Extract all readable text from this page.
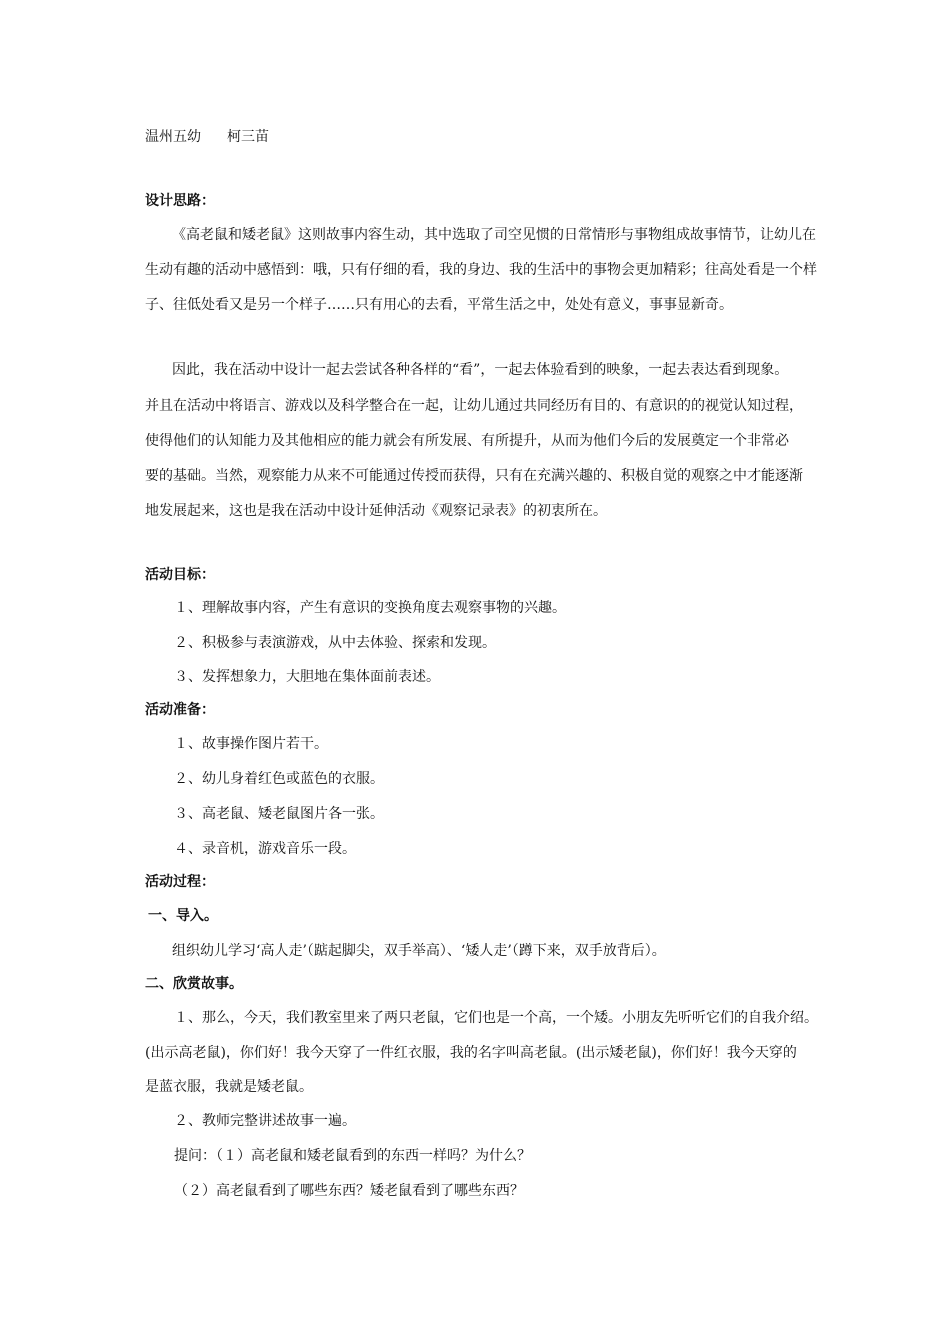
温州五幼 柯三苗
设计思路：
《高老鼠和矮老鼠》这则故事内容生动，其中选取了司空见惯的日常情形与事物组成故事情节，让幼儿在
生动有趣的活动中感悟到：哦，只有仔细的看，我的身边、我的生活中的事物会更加精彩；往高处看是一个样
子、往低处看又是另一个样子……只有用心的去看，平常生活之中，处处有意义，事事显新奇。
因此，我在活动中设计一起去尝试各种各样的“看”，一起去体验看到的映象，一起去表达看到现象。
并且在活动中将语言、游戏以及科学整合在一起，让幼儿通过共同经历有目的、有意识的的视觉认知过程，
使得他们的认知能力及其他相应的能力就会有所发展、有所提升，从而为他们今后的发展奠定一个非常必
要的基础。当然，观察能力从来不可能通过传授而获得，只有在充满兴趣的、积极自觉的观察之中才能逐渐
地发展起来，这也是我在活动中设计延伸活动《观察记录表》的初衷所在。
活动目标：
１、理解故事内容，产生有意识的变换角度去观察事物的兴趣。
２、积极参与表演游戏，从中去体验、探索和发现。
３、发挥想象力，大胆地在集体面前表述。
活动准备：
１、故事操作图片若干。
２、幼儿身着红色或蓝色的衣服。
３、高老鼠、矮老鼠图片各一张。
４、录音机，游戏音乐一段。
活动过程：
一、导入。
组织幼儿学习‘高人走’（踮起脚尖，双手举高）、‘矮人走’（蹲下来，双手放背后）。
二、欣赏故事。
１、那么，今天，我们教室里来了两只老鼠，它们也是一个高，一个矮。小朋友先听听它们的自我介绍。
(出示高老鼠)，你们好！我今天穿了一件红衣服，我的名字叫高老鼠。(出示矮老鼠)，你们好！我今天穿的
是蓝衣服，我就是矮老鼠。
２、教师完整讲述故事一遍。
提问：（１）高老鼠和矮老鼠看到的东西一样吗？为什么？
（２）高老鼠看到了哪些东西？矮老鼠看到了哪些东西？
